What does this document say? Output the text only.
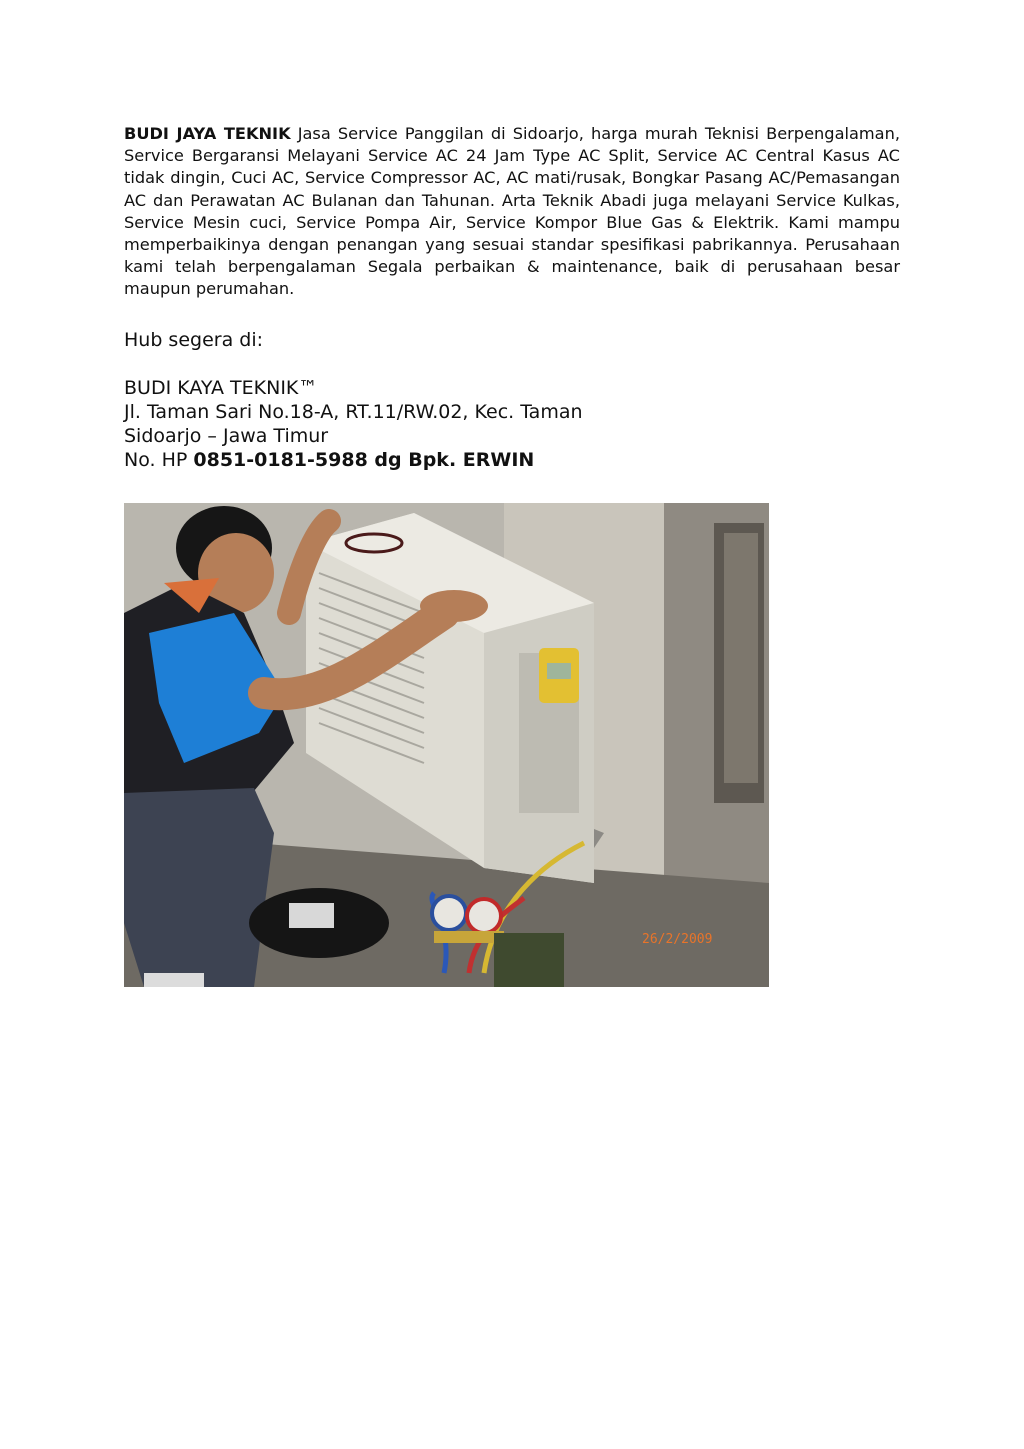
BUDI JAYA TEKNIK Jasa Service Panggilan di Sidoarjo, harga murah Teknisi Berpengalaman, Service Bergaransi Melayani Service AC 24 Jam Type AC Split, Service AC Central Kasus AC tidak dingin, Cuci AC, Service Compressor AC, AC mati/rusak, Bongkar Pasang AC/Pemasangan AC dan Perawatan AC Bulanan dan Tahunan. Arta Teknik Abadi juga melayani Service Kulkas, Service Mesin cuci, Service Pompa Air, Service Kompor Blue Gas & Elektrik. Kami mampu memperbaikinya dengan penangan yang sesuai standar spesifikasi pabrikannya. Perusahaan kami telah berpengalaman Segala perbaikan & maintenance, baik di perusahaan besar maupun perumahan.

Hub segera di:
BUDI KAYA TEKNIK™
Jl. Taman Sari No.18-A, RT.11/RW.02, Kec. Taman
Sidoarjo – Jawa Timur
No. HP 0851-0181-5988 dg Bpk. ERWIN
26/2/2009
